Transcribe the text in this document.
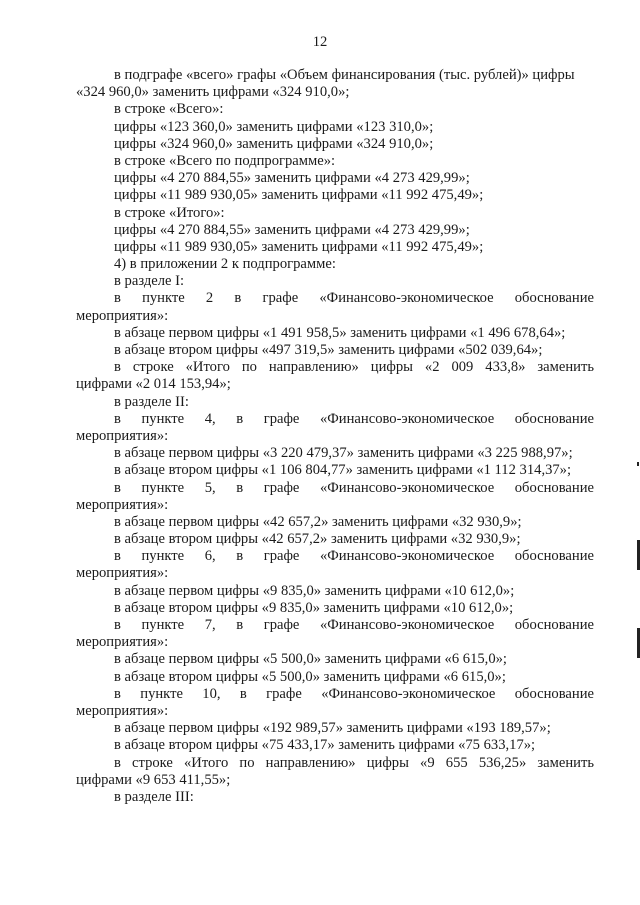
12
в подграфе «всего» графы «Объем финансирования (тыс. рублей)» цифры
«324 960,0» заменить цифрами «324 910,0»;
в строке «Всего»:
цифры «123 360,0» заменить цифрами «123 310,0»;
цифры «324 960,0» заменить цифрами «324 910,0»;
в строке «Всего по подпрограмме»:
цифры «4 270 884,55» заменить цифрами «4 273 429,99»;
цифры «11 989 930,05» заменить цифрами «11 992 475,49»;
в строке «Итого»:
цифры «4 270 884,55» заменить цифрами «4 273 429,99»;
цифры «11 989 930,05» заменить цифрами «11 992 475,49»;
4) в приложении 2 к подпрограмме:
в разделе I:
в пункте 2 в графе «Финансово-экономическое обоснование
мероприятия»:
в абзаце первом цифры «1 491 958,5» заменить цифрами «1 496 678,64»;
в абзаце втором цифры «497 319,5» заменить цифрами «502 039,64»;
в строке «Итого по направлению» цифры «2 009 433,8» заменить
цифрами «2 014 153,94»;
в разделе II:
в пункте 4, в графе «Финансово-экономическое обоснование
мероприятия»:
в абзаце первом цифры «3 220 479,37» заменить цифрами «3 225 988,97»;
в абзаце втором цифры «1 106 804,77» заменить цифрами «1 112 314,37»;
в пункте 5, в графе «Финансово-экономическое обоснование
мероприятия»:
в абзаце первом цифры «42 657,2» заменить цифрами «32 930,9»;
в абзаце втором цифры «42 657,2» заменить цифрами «32 930,9»;
в пункте 6, в графе «Финансово-экономическое обоснование
мероприятия»:
в абзаце первом цифры «9 835,0» заменить цифрами «10 612,0»;
в абзаце втором цифры «9 835,0» заменить цифрами «10 612,0»;
в пункте 7, в графе «Финансово-экономическое обоснование
мероприятия»:
в абзаце первом цифры «5 500,0» заменить цифрами «6 615,0»;
в абзаце втором цифры «5 500,0» заменить цифрами «6 615,0»;
в пункте 10, в графе «Финансово-экономическое обоснование
мероприятия»:
в абзаце первом цифры «192 989,57» заменить цифрами «193 189,57»;
в абзаце втором цифры «75 433,17» заменить цифрами «75 633,17»;
в строке «Итого по направлению» цифры «9 655 536,25» заменить
цифрами «9 653 411,55»;
в разделе III:
